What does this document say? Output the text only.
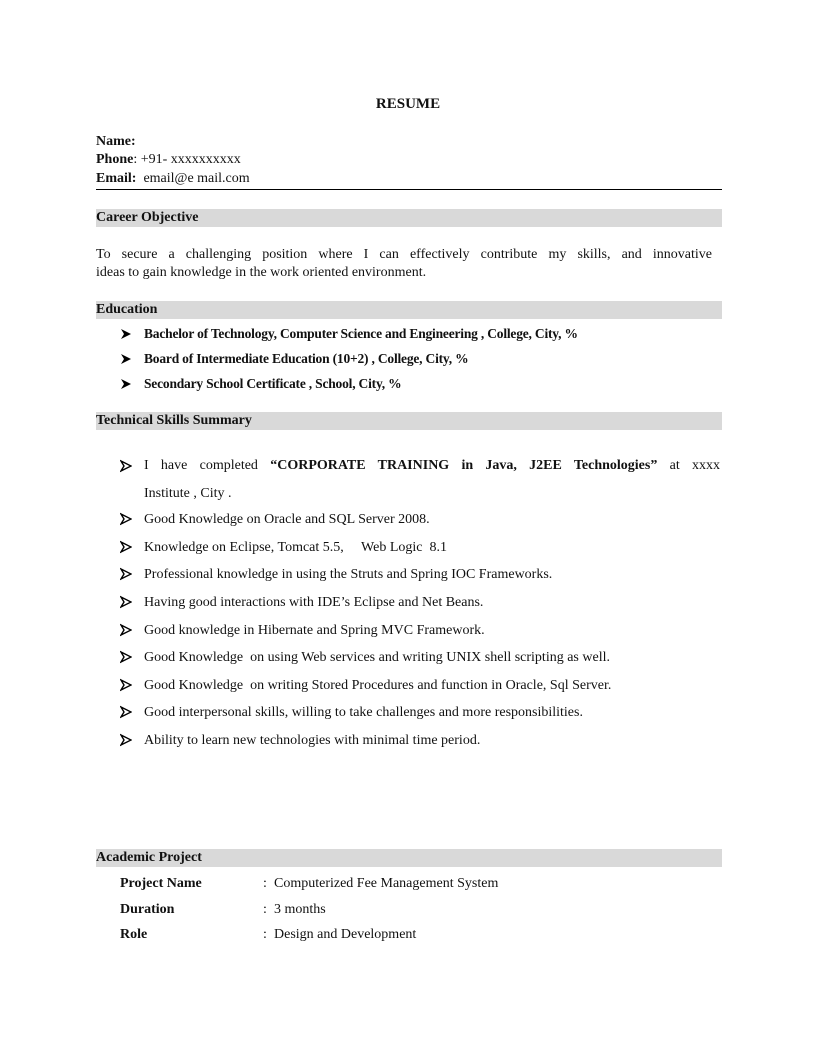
RESUME
Name:
Phone: +91- xxxxxxxxxx
Email: email@e mail.com
Career Objective
To secure a challenging position where I can effectively contribute my skills, and innovative
ideas to gain knowledge in the work oriented environment.
Education
Bachelor of Technology, Computer Science and Engineering , College, City, %
Board of Intermediate Education (10+2) , College, City, %
Secondary School Certificate , School, City, %
Technical Skills Summary
I have completed “CORPORATE TRAINING in Java, J2EE Technologies” at xxxx
Institute , City .
Good Knowledge on Oracle and SQL Server 2008.
Knowledge on Eclipse, Tomcat 5.5,     Web Logic  8.1
Professional knowledge in using the Struts and Spring IOC Frameworks.
Having good interactions with IDE’s Eclipse and Net Beans.
Good knowledge in Hibernate and Spring MVC Framework.
Good Knowledge  on using Web services and writing UNIX shell scripting as well.
Good Knowledge  on writing Stored Procedures and function in Oracle, Sql Server.
Good interpersonal skills, willing to take challenges and more responsibilities.
Ability to learn new technologies with minimal time period.
Academic Project
Project Name	: Computerized Fee Management System
Duration	: 3 months
Role	: Design and Development
